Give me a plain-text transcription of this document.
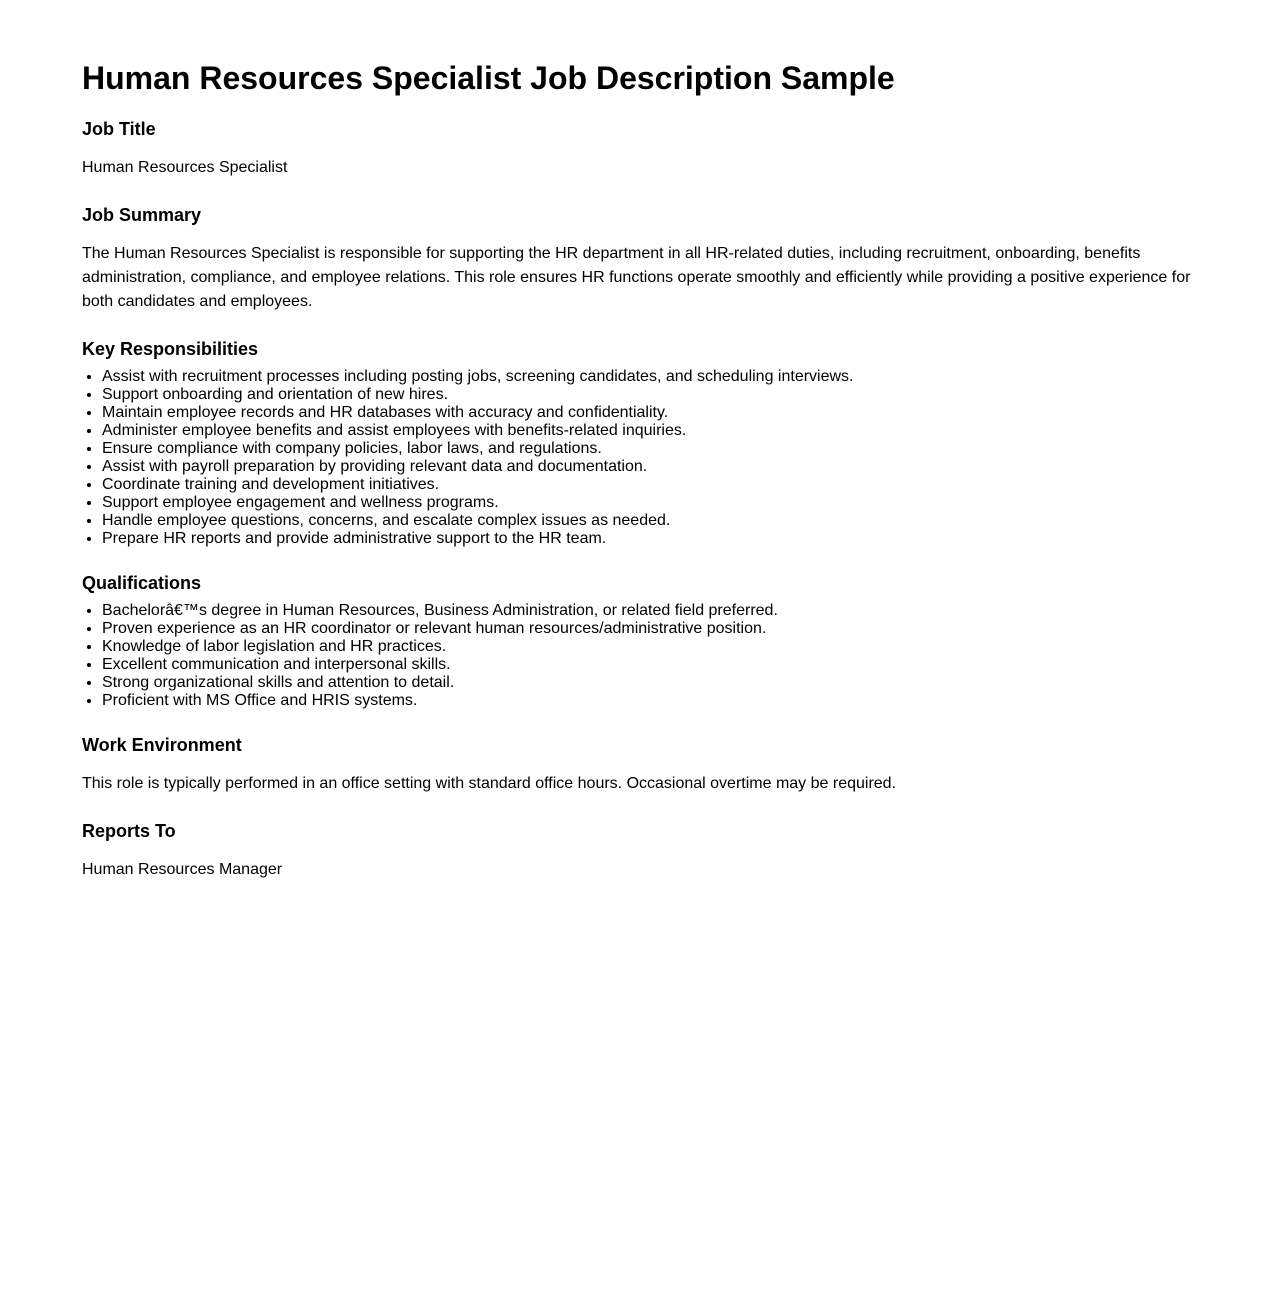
Human Resources Specialist Job Description Sample
Job Title

Human Resources Specialist

Job Summary

The Human Resources Specialist is responsible for supporting the HR department in all HR-related duties, including recruitment, onboarding, benefits administration, compliance, and employee relations. This role ensures HR functions operate smoothly and efficiently while providing a positive experience for both candidates and employees.

Key Responsibilities
• Assist with recruitment processes including posting jobs, screening candidates, and scheduling interviews.
• Support onboarding and orientation of new hires.
• Maintain employee records and HR databases with accuracy and confidentiality.
• Administer employee benefits and assist employees with benefits-related inquiries.
• Ensure compliance with company policies, labor laws, and regulations.
• Assist with payroll preparation by providing relevant data and documentation.
• Coordinate training and development initiatives.
• Support employee engagement and wellness programs.
• Handle employee questions, concerns, and escalate complex issues as needed.
• Prepare HR reports and provide administrative support to the HR team.
Qualifications
• Bachelorâ€™s degree in Human Resources, Business Administration, or related field preferred.
• Proven experience as an HR coordinator or relevant human resources/administrative position.
• Knowledge of labor legislation and HR practices.
• Excellent communication and interpersonal skills.
• Strong organizational skills and attention to detail.
• Proficient with MS Office and HRIS systems.
Work Environment

This role is typically performed in an office setting with standard office hours. Occasional overtime may be required.

Reports To

Human Resources Manager
